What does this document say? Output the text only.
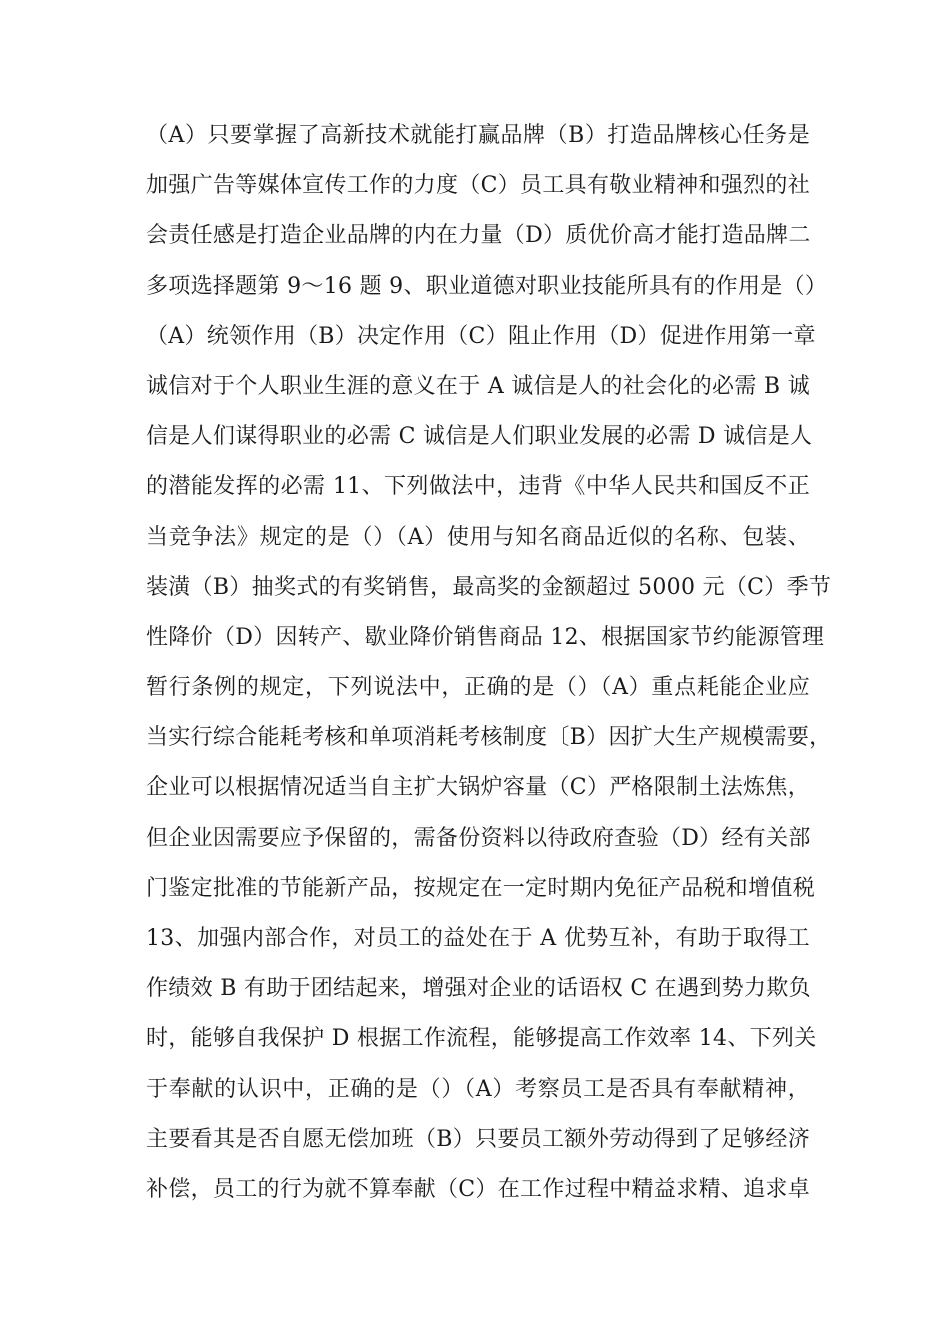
（A）只要掌握了高新技术就能打赢品牌（B）打造品牌核心任务是
加强广告等媒体宣传工作的力度（C）员工具有敬业精神和强烈的社
会责任感是打造企业品牌的内在力量（D）质优价高才能打造品牌二
多项选择题第 9～16 题 9、职业道德对职业技能所具有的作用是（）
（A）统领作用（B）决定作用（C）阻止作用（D）促进作用第一章
诚信对于个人职业生涯的意义在于 A 诚信是人的社会化的必需 B 诚
信是人们谋得职业的必需 C 诚信是人们职业发展的必需 D 诚信是人
的潜能发挥的必需 11、下列做法中，违背《中华人民共和国反不正
当竞争法》规定的是（）（A）使用与知名商品近似的名称、包装、
装潢（B）抽奖式的有奖销售，最高奖的金额超过 5000 元（C）季节
性降价（D）因转产、歇业降价销售商品 12、根据国家节约能源管理
暂行条例的规定，下列说法中，正确的是（）（A）重点耗能企业应
当实行综合能耗考核和单项消耗考核制度〔B）因扩大生产规模需要，
企业可以根据情况适当自主扩大锅炉容量（C）严格限制土法炼焦，
但企业因需要应予保留的，需备份资料以待政府查验（D）经有关部
门鉴定批准的节能新产品，按规定在一定时期内免征产品税和增值税
13、加强内部合作，对员工的益处在于 A 优势互补，有助于取得工
作绩效 B 有助于团结起来，增强对企业的话语权 C 在遇到势力欺负
时，能够自我保护 D 根据工作流程，能够提高工作效率 14、下列关
于奉献的认识中，正确的是（）（A）考察员工是否具有奉献精神，
主要看其是否自愿无偿加班（B）只要员工额外劳动得到了足够经济
补偿，员工的行为就不算奉献（C）在工作过程中精益求精、追求卓
